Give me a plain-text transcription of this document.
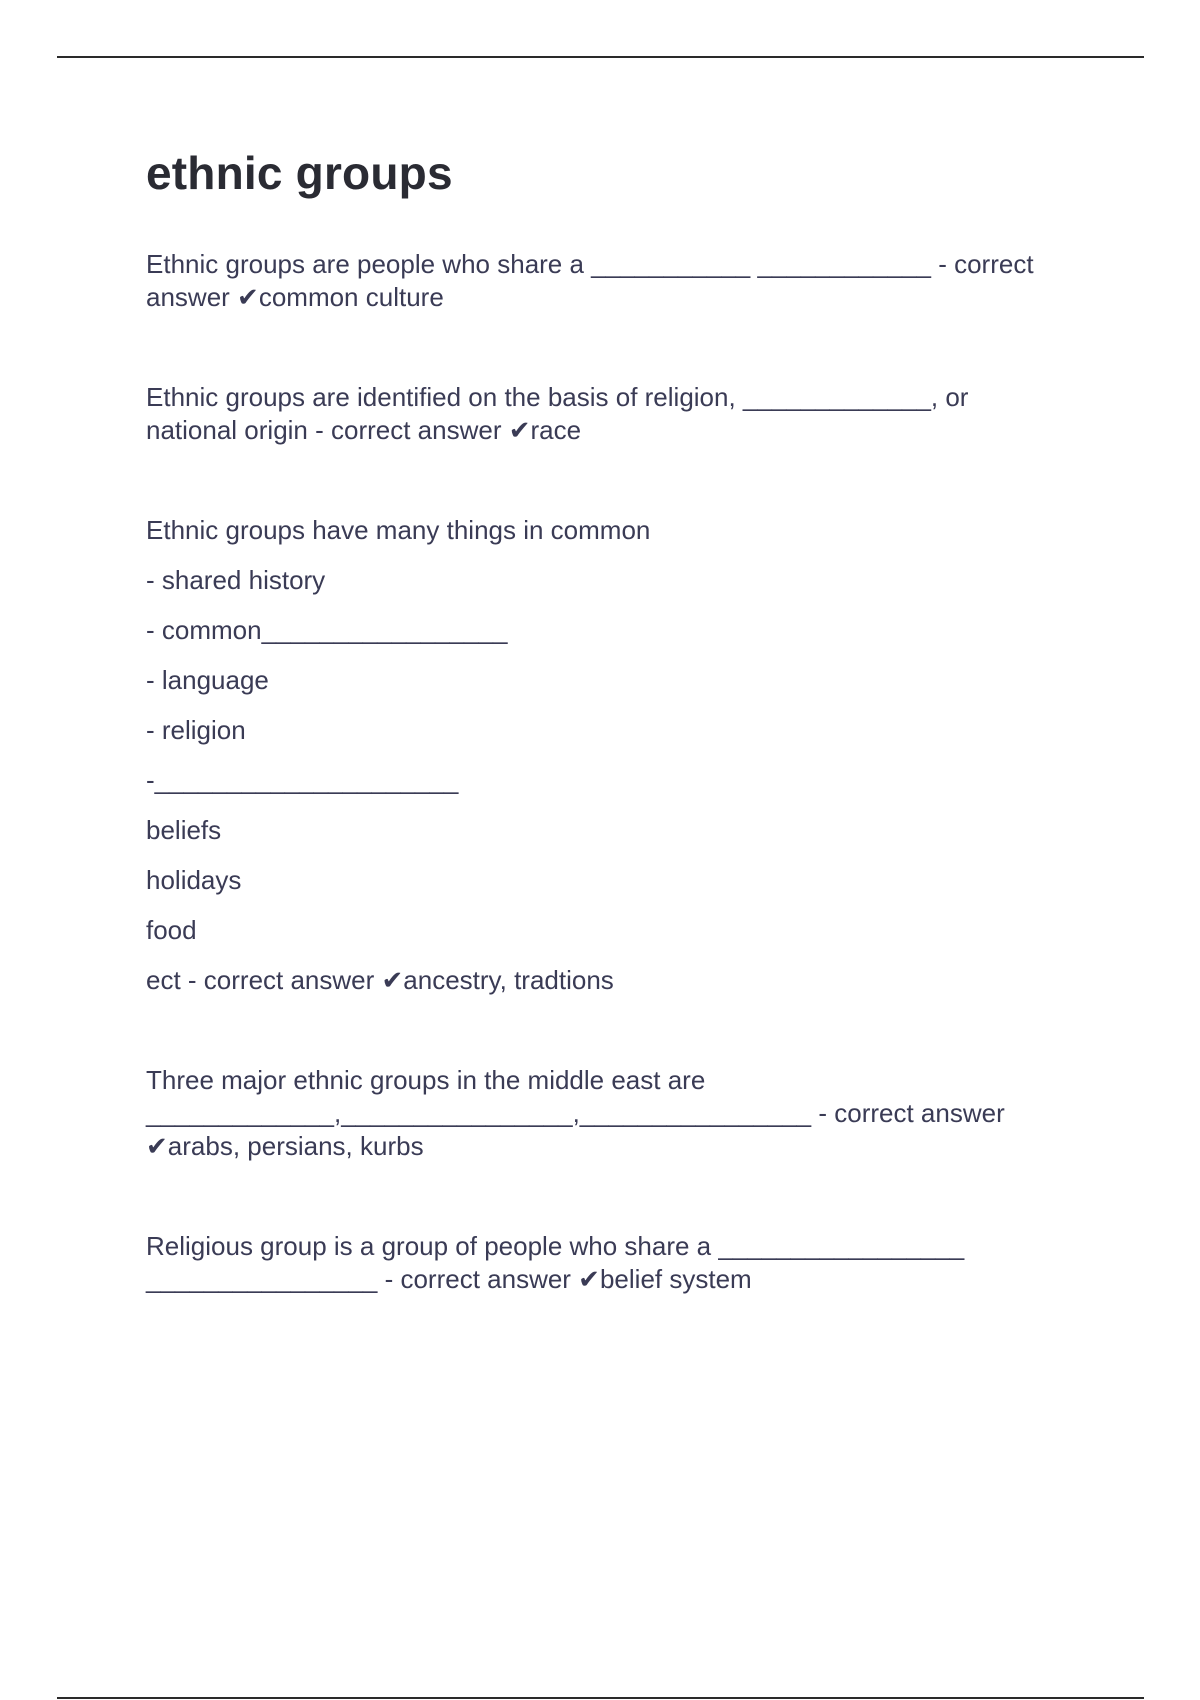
ethnic groups

Ethnic groups are people who share a ___________ ____________ - correct

answer ✔common culture

Ethnic groups are identified on the basis of religion, _____________, or

national origin - correct answer ✔race

Ethnic groups have many things in common

- shared history

- common_________________

- language

- religion

-_____________________

beliefs

holidays

food

ect - correct answer ✔ancestry, tradtions

Three major ethnic groups in the middle east are

_____________,________________,________________ - correct answer

✔arabs, persians, kurbs

Religious group is a group of people who share a _________________

________________ - correct answer ✔belief system
